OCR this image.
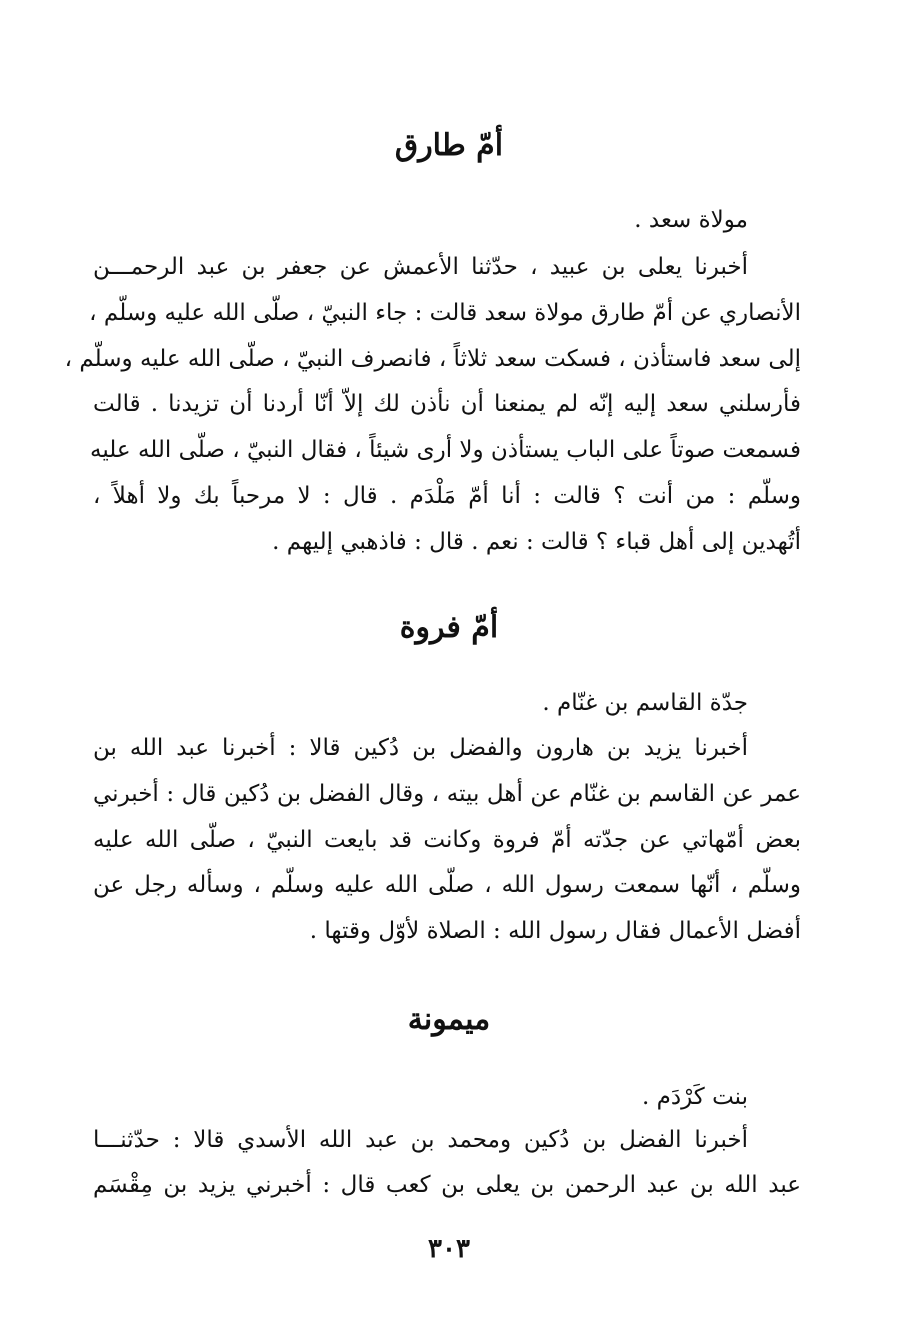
أمّ طارق
مولاة سعد .
أخبرنا يعلى بن عبيد ، حدّثنا الأعمش عن جعفر بن عبد الرحمـــن
الأنصاري عن أمّ طارق مولاة سعد قالت : جاء النبيّ ، صلّى الله عليه وسلّم ،
إلى سعد فاستأذن ، فسكت سعد ثلاثاً ، فانصرف النبيّ ، صلّى الله عليه وسلّم ،
فأرسلني سعد إليه إنّه لم يمنعنا أن نأذن لك إلاّ أنّا أردنا أن تزيدنا . قالت
فسمعت صوتاً على الباب يستأذن ولا أرى شيئاً ، فقال النبيّ ، صلّى الله عليه
وسلّم : من أنت ؟ قالت : أنا أمّ مَلْدَم . قال : لا مرحباً بك ولا أهلاً ،
أتُهدين إلى أهل قباء ؟ قالت : نعم . قال : فاذهبي إليهم .
أمّ فروة
جدّة القاسم بن غنّام .
أخبرنا يزيد بن هارون والفضل بن دُكين قالا : أخبرنا عبد الله بن
عمر عن القاسم بن غنّام عن أهل بيته ، وقال الفضل بن دُكين قال : أخبرني
بعض أمّهاتي عن جدّته أمّ فروة وكانت قد بايعت النبيّ ، صلّى الله عليه
وسلّم ، أنّها سمعت رسول الله ، صلّى الله عليه وسلّم ، وسأله رجل عن
أفضل الأعمال فقال رسول الله : الصلاة لأوّل وقتها .
ميمونة
بنت كَرْدَم .
أخبرنا الفضل بن دُكين ومحمد بن عبد الله الأسدي قالا : حدّثنـــا
عبد الله بن عبد الرحمن بن يعلى بن كعب قال : أخبرني يزيد بن مِقْسَم
٣٠٣
